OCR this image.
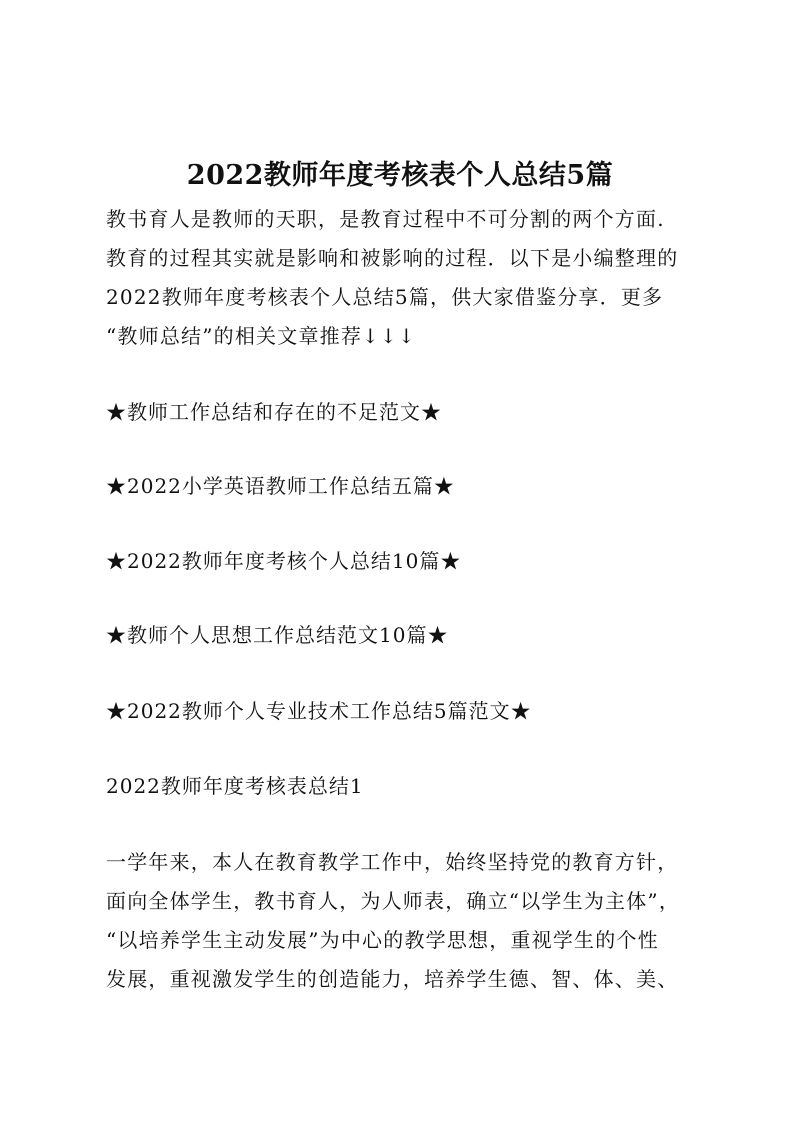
2022教师年度考核表个人总结5篇
教书育人是教师的天职，是教育过程中不可分割的两个方面.
教育的过程其实就是影响和被影响的过程．以下是小编整理的
2022教师年度考核表个人总结5篇，供大家借鉴分享．更多
“教师总结”的相关文章推荐↓↓↓
★教师工作总结和存在的不足范文★
★2022小学英语教师工作总结五篇★
★2022教师年度考核个人总结10篇★
★教师个人思想工作总结范文10篇★
★2022教师个人专业技术工作总结5篇范文★
2022教师年度考核表总结1
一学年来，本人在教育教学工作中，始终坚持党的教育方针，
面向全体学生，教书育人，为人师表，确立“以学生为主体”，
“以培养学生主动发展”为中心的教学思想，重视学生的个性
发展，重视激发学生的创造能力，培养学生德、智、体、美、
